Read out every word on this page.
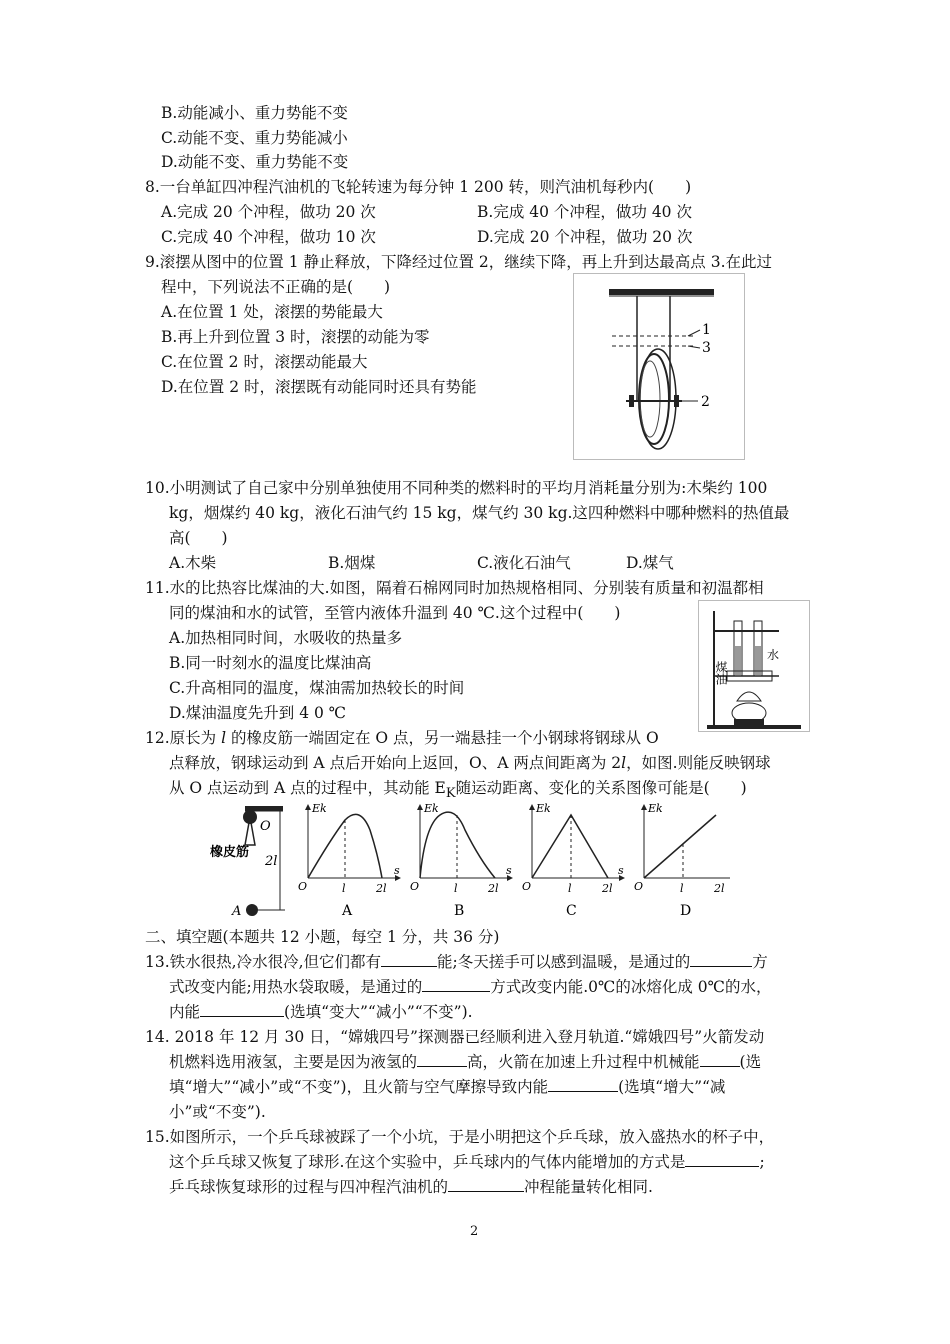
B.动能减小、重力势能不变
C.动能不变、重力势能减小
D.动能不变、重力势能不变
8.一台单缸四冲程汽油机的飞轮转速为每分钟 1 200 转，则汽油机每秒内(　　)
A.完成 20 个冲程，做功 20 次	B.完成 40 个冲程，做功 40 次
C.完成 40 个冲程，做功 10 次	D.完成 20 个冲程，做功 20 次
9.滚摆从图中的位置 1 静止释放，下降经过位置 2，继续下降，再上升到达最高点 3.在此过
程中，下列说法不正确的是(　　)
A.在位置 1 处，滚摆的势能最大
B.再上升到位置 3 时，滚摆的动能为零
C.在位置 2 时，滚摆动能最大
D.在位置 2 时，滚摆既有动能同时还具有势能
1
3
2
10.小明测试了自己家中分别单独使用不同种类的燃料时的平均月消耗量分别为:木柴约 100
kg，烟煤约 40 kg，液化石油气约 15 kg，煤气约 30 kg.这四种燃料中哪种燃料的热值最
高(　　)
A.木柴	B.烟煤	C.液化石油气	D.煤气
11.水的比热容比煤油的大.如图，隔着石棉网同时加热规格相同、分别装有质量和初温都相
同的煤油和水的试管，至管内液体升温到 40 ℃.这个过程中(　　)
A.加热相同时间，水吸收的热量多
B.同一时刻水的温度比煤油高
C.升高相同的温度，煤油需加热较长的时间
D.煤油温度先升到 4 0 ℃
煤油
水
12.原长为 l 的橡皮筋一端固定在 O 点，另一端悬挂一个小钢球将钢球从 O
点释放，钢球运动到 A 点后开始向上返回，O、A 两点间距离为 2l，如图.则能反映钢球
从 O 点运动到 A 点的过程中，其动能 $E_K$随运动距离、变化的关系图像可能是(　　)
O
橡皮筋
2l
A
Ek
s
O	l	2l
A
Ek
s
O	l	2l
B
Ek
s
O	l	2l
C
Ek
O	l	2l
D
二、填空题(本题共 12 小题，每空 1 分，共 36 分)
13.铁水很热,冷水很冷,但它们都有	能;冬天搓手可以感到温暖，是通过的	方
式改变内能;用热水袋取暖，是通过的	方式改变内能.0℃的冰熔化成 0℃的水，
内能	(选填“变大”“减小”“不变”).
14. 2018 年 12 月 30 日，“嫦娥四号”探测器已经顺利进入登月轨道.“嫦娥四号”火箭发动
机燃料选用液氢，主要是因为液氢的	高，火箭在加速上升过程中机械能	(选
填“增大”“减小”或“不变”)，且火箭与空气摩擦导致内能	(选填“增大”“减
小”或“不变”).
15.如图所示，一个乒乓球被踩了一个小坑，于是小明把这个乒乓球，放入盛热水的杯子中，
这个乒乓球又恢复了球形.在这个实验中，乒乓球内的气体内能增加的方式是	;
乒乓球恢复球形的过程与四冲程汽油机的	冲程能量转化相同.
2
